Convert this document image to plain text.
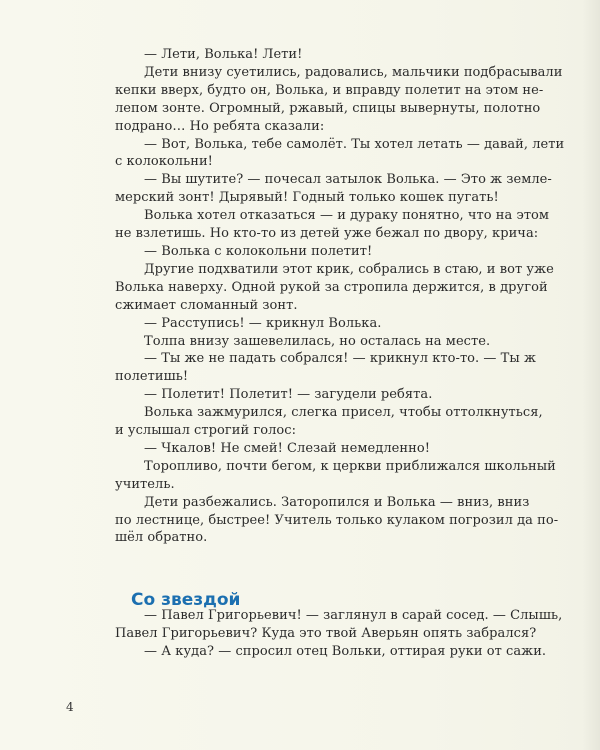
— Лети, Волька! Лети!

Дети внизу суетились, радовались, мальчики подбрасывали

кепки вверх, будто он, Волька, и вправду полетит на этом не-
лепом зонте. Огромный, ржавый, спицы вывернуты, полотно
подрано… Но ребята сказали:

— Вот, Волька, тебе самолёт. Ты хотел летать — давай, лети

с колокольни!

— Вы шутите? — почесал затылок Волька. — Это ж земле-

мерский зонт! Дырявый! Годный только кошек пугать!

Волька хотел отказаться — и дураку понятно, что на этом

не взлетишь. Но кто-то из детей уже бежал по двору, крича:

— Волька с колокольни полетит!

Другие подхватили этот крик, собрались в стаю, и вот уже

Волька наверху. Одной рукой за стропила держится, в другой
сжимает сломанный зонт.

— Расступись! — крикнул Волька.

Толпа внизу зашевелилась, но осталась на месте.

— Ты же не падать собрался! — крикнул кто-то. — Ты ж

полетишь!

— Полетит! Полетит! — загудели ребята.

Волька зажмурился, слегка присел, чтобы оттолкнуться,

и услышал строгий голос:

— Чкалов! Не смей! Слезай немедленно!

Торопливо, почти бегом, к церкви приближался школьный

учитель.

Дети разбежались. Заторопился и Волька — вниз, вниз

по лестнице, быстрее! Учитель только кулаком погрозил да по-
шёл обратно.
Со звездой

— Павел Григорьевич! — заглянул в сарай сосед. — Слышь,

Павел Григорьевич? Куда это твой Аверьян опять забрался?

— А куда? — спросил отец Вольки, оттирая руки от сажи.

4
